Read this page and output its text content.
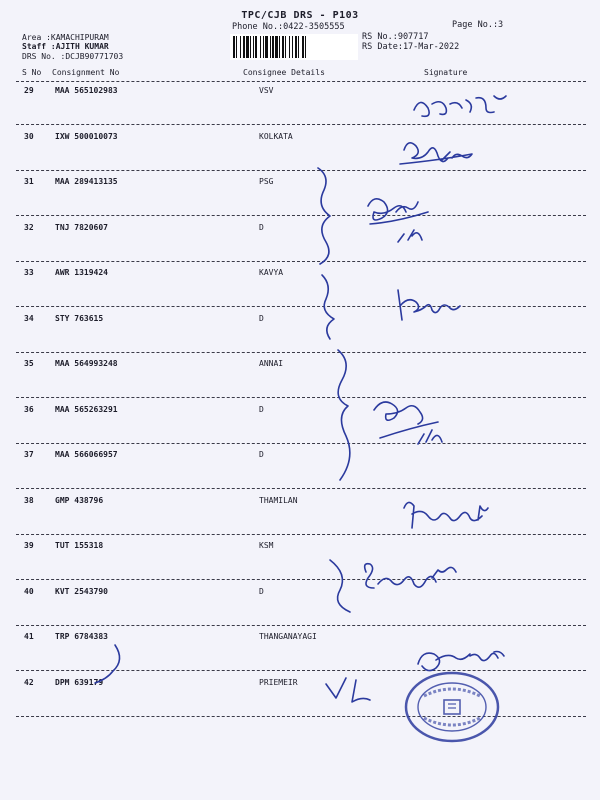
TPC/CJB DRS - P103
Phone No.:0422-3505555	Page No.:3
Area :KAMACHIPURAM
Staff :AJITH KUMAR
DRS No. :DCJB90771703
RS No.:907717
RS Date:17-Mar-2022
S No Consignment No	Consignee Details	Signature
29	MAA 565102983	VSV
30	IXW 500010073	KOLKATA
31	MAA 289413135	PSG
32	TNJ 7820607	D
33	AWR 1319424	KAVYA
34	STY 763615	D
35	MAA 564993248	ANNAI
36	MAA 565263291	D
37	MAA 566066957	D
38	GMP 438796	THAMILAN
39	TUT 155318	KSM
40	KVT 2543790	D
41	TRP 6784383	THANGANAYAGI
42	DPM 639179	PRIEMEIR
